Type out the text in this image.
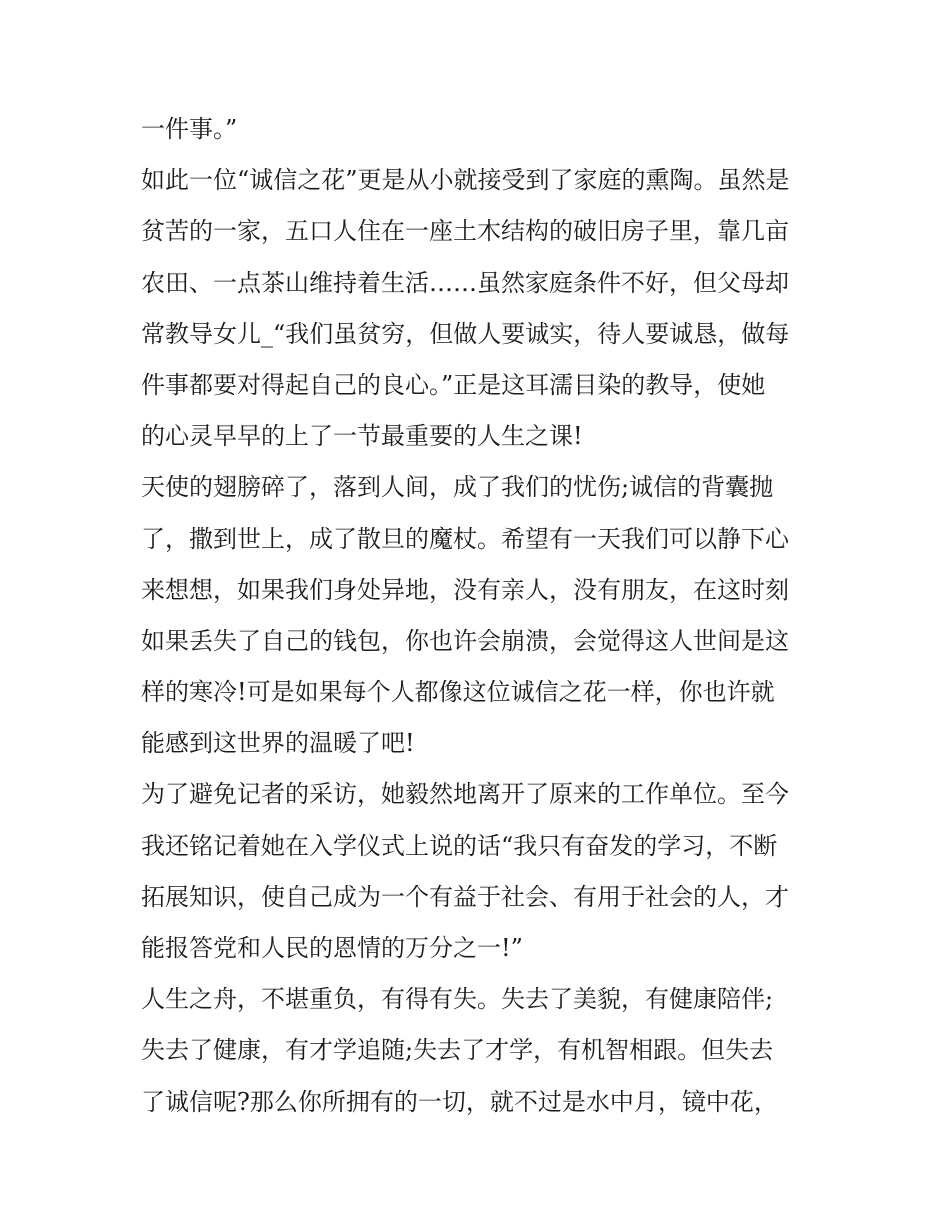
一件事。”
如此一位“诚信之花”更是从小就接受到了家庭的熏陶。虽然是
贫苦的一家，五口人住在一座土木结构的破旧房子里，靠几亩
农田、一点茶山维持着生活……虽然家庭条件不好，但父母却
常教导女儿_“我们虽贫穷，但做人要诚实，待人要诚恳，做每
件事都要对得起自己的良心。”正是这耳濡目染的教导，使她
的心灵早早的上了一节最重要的人生之课!
天使的翅膀碎了，落到人间，成了我们的忧伤;诚信的背囊抛
了，撒到世上，成了散旦的魔杖。希望有一天我们可以静下心
来想想，如果我们身处异地，没有亲人，没有朋友，在这时刻
如果丢失了自己的钱包，你也许会崩溃，会觉得这人世间是这
样的寒冷!可是如果每个人都像这位诚信之花一样，你也许就
能感到这世界的温暖了吧!
为了避免记者的采访，她毅然地离开了原来的工作单位。至今
我还铭记着她在入学仪式上说的话“我只有奋发的学习，不断
拓展知识，使自己成为一个有益于社会、有用于社会的人，才
能报答党和人民的恩情的万分之一!”
人生之舟，不堪重负，有得有失。失去了美貌，有健康陪伴;
失去了健康，有才学追随;失去了才学，有机智相跟。但失去
了诚信呢?那么你所拥有的一切，就不过是水中月，镜中花，
